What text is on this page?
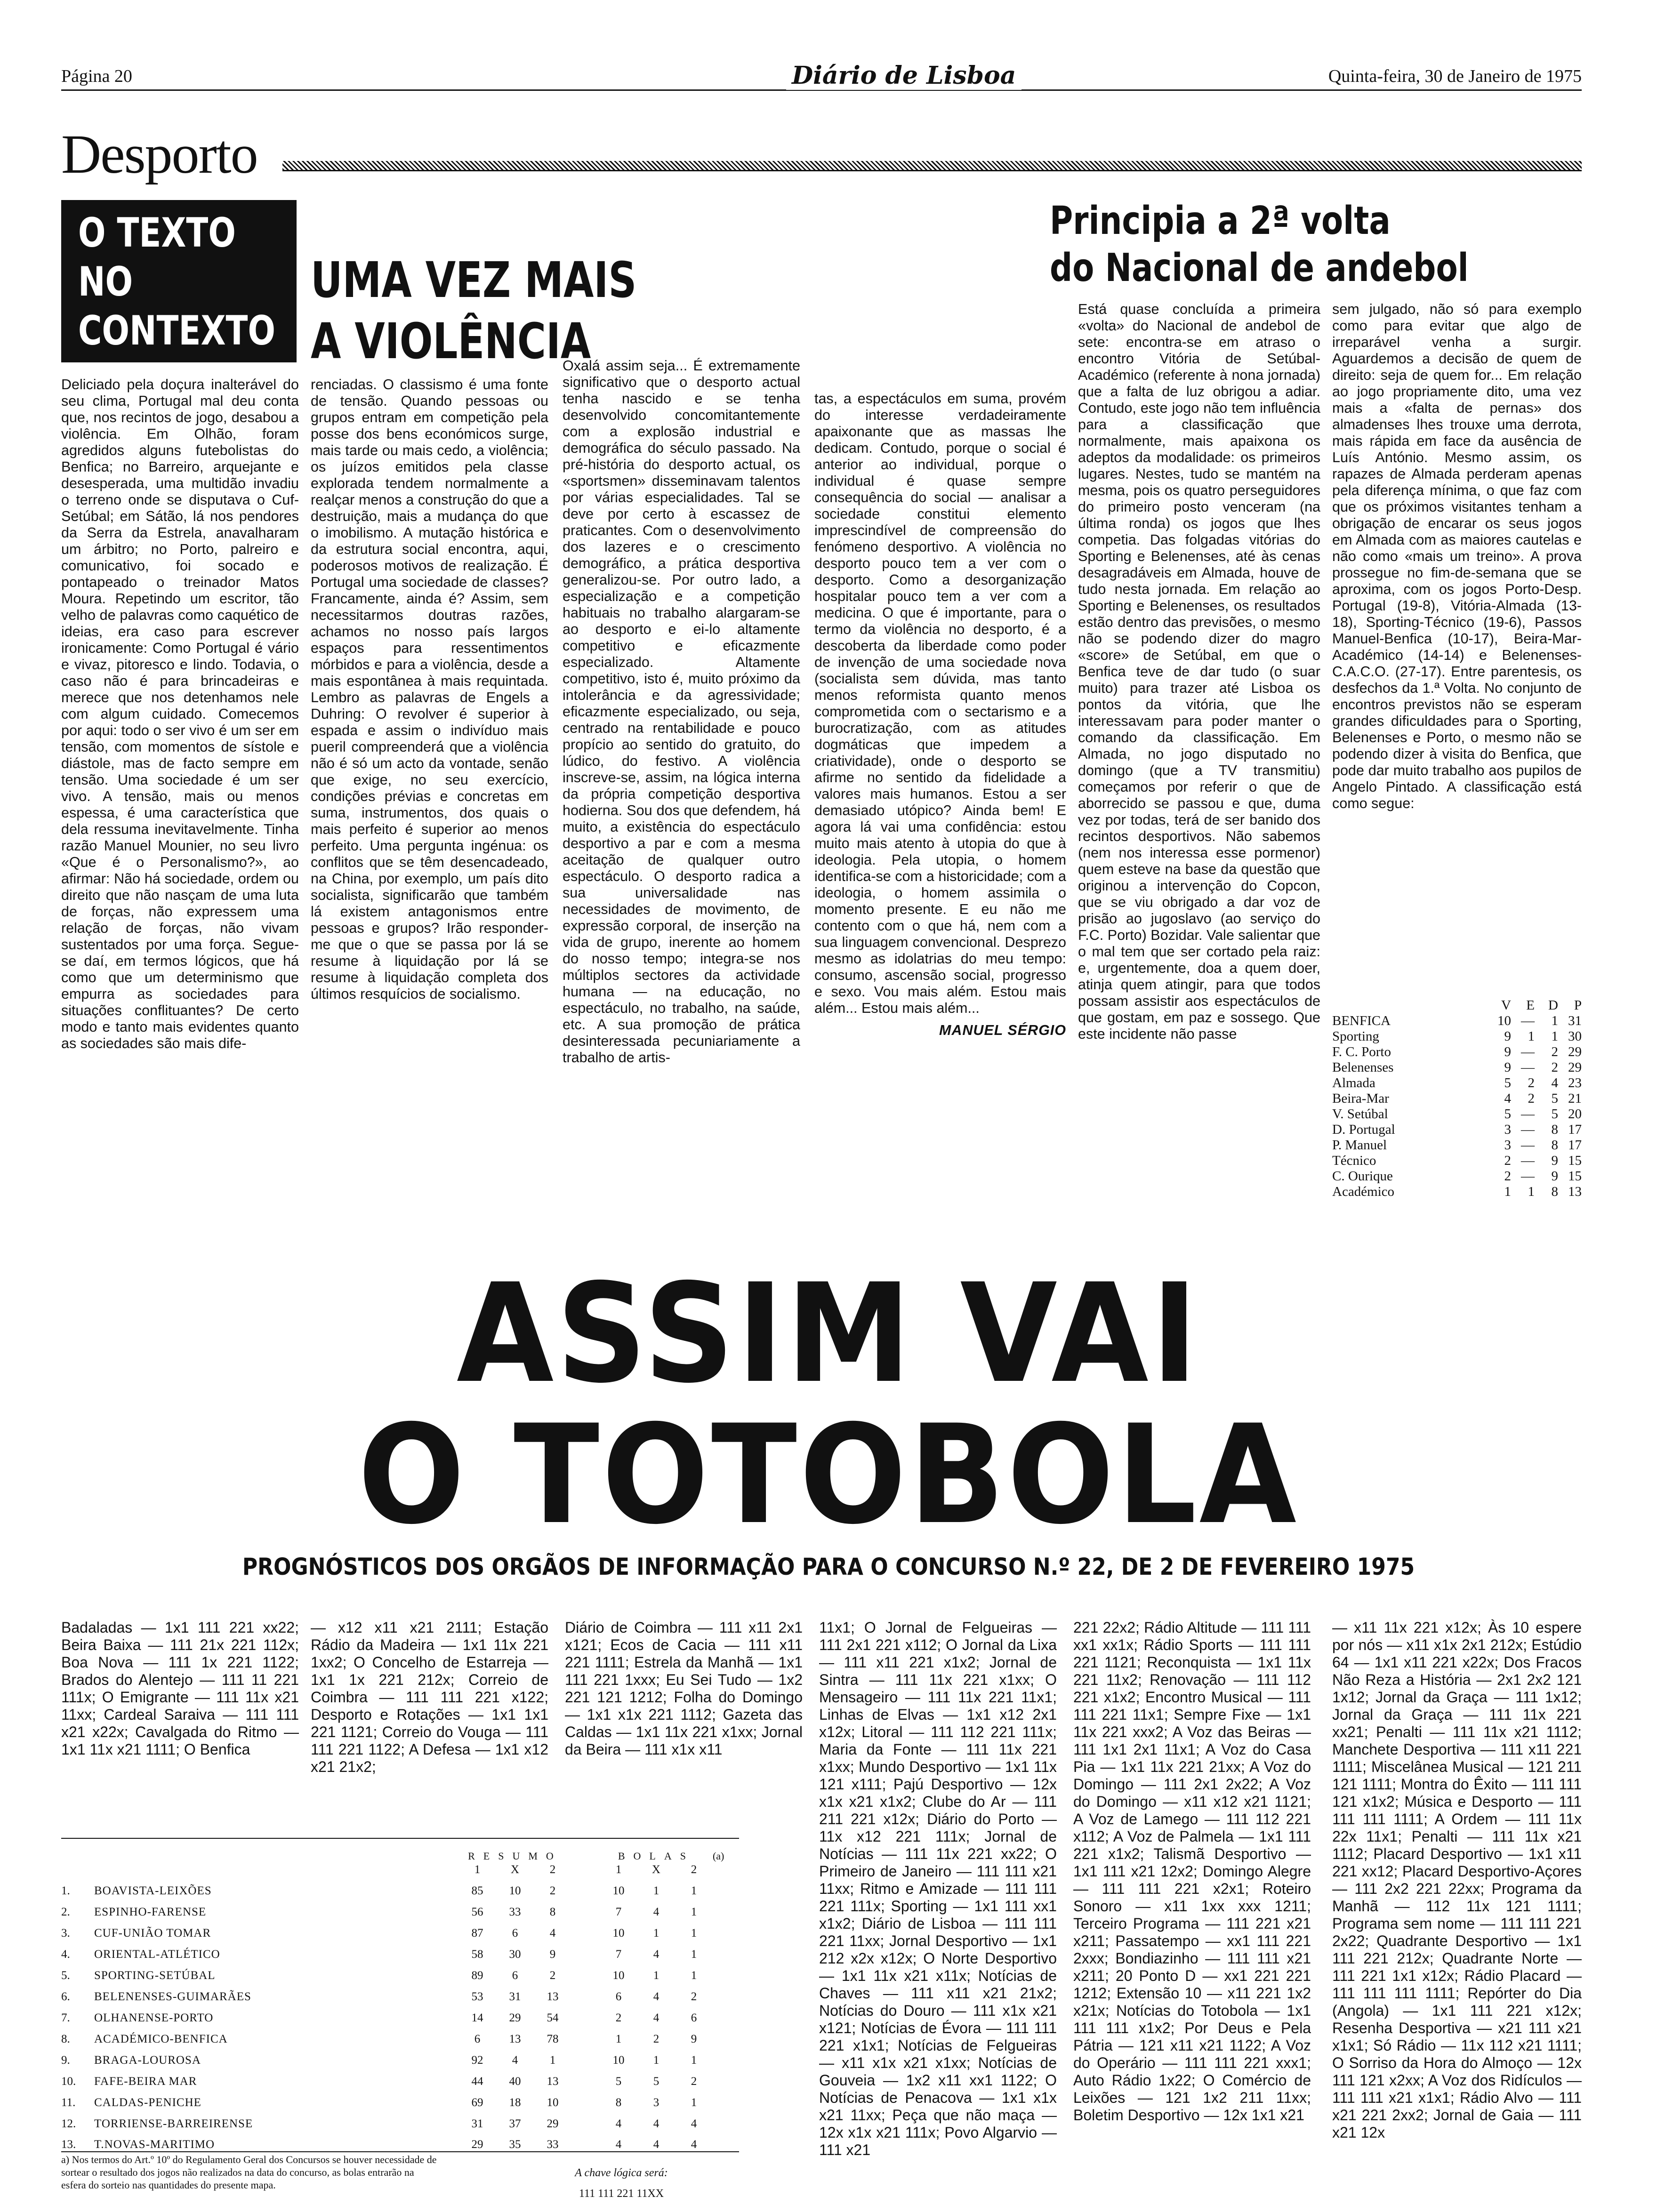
Página 20	Diário de Lisboa	Quinta-feira, 30 de Janeiro de 1975
Desporto
O TEXTO
NO
CONTEXTO
UMA VEZ MAIS
A VIOLÊNCIA

Deliciado pela doçura inalterável do seu clima, Portugal mal deu conta que, nos recintos de jogo, desabou a violência. Em Olhão, foram agredidos alguns futebolistas do Benfica; no Barreiro, arquejante e desesperada, uma multidão invadiu o terreno onde se disputava o Cuf-Setúbal; em Sátão, lá nos pendores da Serra da Estrela, anavalharam um árbitro; no Porto, palreiro e comunicativo, foi socado e pontapeado o treinador Matos Moura. Repetindo um escritor, tão velho de palavras como caquético de ideias, era caso para escrever ironicamente: Como Portugal é vário e vivaz, pitoresco e lindo. Todavia, o caso não é para brincadeiras e merece que nos detenhamos nele com algum cuidado. Comecemos por aqui: todo o ser vivo é um ser em tensão, com momentos de sístole e diástole, mas de facto sempre em tensão. Uma sociedade é um ser vivo. A tensão, mais ou menos espessa, é uma característica que dela ressuma inevitavelmente. Tinha razão Manuel Mounier, no seu livro «Que é o Personalismo?», ao afirmar: Não há sociedade, ordem ou direito que não nasçam de uma luta de forças, não expressem uma relação de forças, não vivam sustentados por uma força. Segue-se daí, em termos lógicos, que há como que um determinismo que empurra as sociedades para situações conflituantes? De certo modo e tanto mais evidentes quanto as sociedades são mais dife-

renciadas. O classismo é uma fonte de tensão. Quando pessoas ou grupos entram em competição pela posse dos bens económicos surge, mais tarde ou mais cedo, a violência; os juízos emitidos pela classe explorada tendem normalmente a realçar menos a construção do que a destruição, mais a mudança do que o imobilismo. A mutação histórica e da estrutura social encontra, aqui, poderosos motivos de realização. É Portugal uma sociedade de classes? Francamente, ainda é? Assim, sem necessitarmos doutras razões, achamos no nosso país largos espaços para ressentimentos mórbidos e para a violência, desde a mais espontânea à mais requintada. Lembro as palavras de Engels a Duhring: O revolver é superior à espada e assim o indivíduo mais pueril compreenderá que a violência não é só um acto da vontade, senão que exige, no seu exercício, condições prévias e concretas em suma, instrumentos, dos quais o mais perfeito é superior ao menos perfeito. Uma pergunta ingénua: os conflitos que se têm desencadeado, na China, por exemplo, um país dito socialista, significarão que também lá existem antagonismos entre pessoas e grupos? Irão responder-me que o que se passa por lá se resume à liquidação por lá se resume à liquidação completa dos últimos resquícios de socialismo.

Oxalá assim seja... É extremamente significativo que o desporto actual tenha nascido e se tenha desenvolvido concomitantemente com a explosão industrial e demográfica do século passado. Na pré-história do desporto actual, os «sportsmen» disseminavam talentos por várias especialidades. Tal se deve por certo à escassez de praticantes. Com o desenvolvimento dos lazeres e o crescimento demográfico, a prática desportiva generalizou-se. Por outro lado, a especialização e a competição habituais no trabalho alargaram-se ao desporto e ei-lo altamente competitivo e eficazmente especializado. Altamente competitivo, isto é, muito próximo da intolerância e da agressividade; eficazmente especializado, ou seja, centrado na rentabilidade e pouco propício ao sentido do gratuito, do lúdico, do festivo. A violência inscreve-se, assim, na lógica interna da própria competição desportiva hodierna. Sou dos que defendem, há muito, a existência do espectáculo desportivo a par e com a mesma aceitação de qualquer outro espectáculo. O desporto radica a sua universalidade nas necessidades de movimento, de expressão corporal, de inserção na vida de grupo, inerente ao homem do nosso tempo; integra-se nos múltiplos sectores da actividade humana — na educação, no espectáculo, no trabalho, na saúde, etc. A sua promoção de prática desinteressada pecuniariamente a trabalho de artis-

tas, a espectáculos em suma, provém do interesse verdadeiramente apaixonante que as massas lhe dedicam. Contudo, porque o social é anterior ao individual, porque o individual é quase sempre consequência do social — analisar a sociedade constitui elemento imprescindível de compreensão do fenómeno desportivo. A violência no desporto pouco tem a ver com o desporto. Como a desorganização hospitalar pouco tem a ver com a medicina. O que é importante, para o termo da violência no desporto, é a descoberta da liberdade como poder de invenção de uma sociedade nova (socialista sem dúvida, mas tanto menos reformista quanto menos comprometida com o sectarismo e a burocratização, com as atitudes dogmáticas que impedem a criatividade), onde o desporto se afirme no sentido da fidelidade a valores mais humanos. Estou a ser demasiado utópico? Ainda bem! E agora lá vai uma confidência: estou muito mais atento à utopia do que à ideologia. Pela utopia, o homem identifica-se com a historicidade; com a ideologia, o homem assimila o momento presente. E eu não me contento com o que há, nem com a sua linguagem convencional. Desprezo mesmo as idolatrias do meu tempo: consumo, ascensão social, progresso e sexo. Vou mais além. Estou mais além... Estou mais além...

MANUEL SÉRGIO

Principia a 2ª volta
do Nacional de andebol

Está quase concluída a primeira «volta» do Nacional de andebol de sete: encontra-se em atraso o encontro Vitória de Setúbal-Académico (referente à nona jornada) que a falta de luz obrigou a adiar. Contudo, este jogo não tem influência para a classificação que normalmente, mais apaixona os adeptos da modalidade: os primeiros lugares. Nestes, tudo se mantém na mesma, pois os quatro perseguidores do primeiro posto venceram (na última ronda) os jogos que lhes competia. Das folgadas vitórias do Sporting e Belenenses, até às cenas desagradáveis em Almada, houve de tudo nesta jornada. Em relação ao Sporting e Belenenses, os resultados estão dentro das previsões, o mesmo não se podendo dizer do magro «score» de Setúbal, em que o Benfica teve de dar tudo (o suar muito) para trazer até Lisboa os pontos da vitória, que lhe interessavam para poder manter o comando da classificação. Em Almada, no jogo disputado no domingo (que a TV transmitiu) começamos por referir o que de aborrecido se passou e que, duma vez por todas, terá de ser banido dos recintos desportivos. Não sabemos (nem nos interessa esse pormenor) quem esteve na base da questão que originou a intervenção do Copcon, que se viu obrigado a dar voz de prisão ao jugoslavo (ao serviço do F.C. Porto) Bozidar. Vale salientar que o mal tem que ser cortado pela raiz: e, urgentemente, doa a quem doer, atinja quem atingir, para que todos possam assistir aos espectáculos de que gostam, em paz e sossego. Que este incidente não passe

sem julgado, não só para exemplo como para evitar que algo de irreparável venha a surgir. Aguardemos a decisão de quem de direito: seja de quem for... Em relação ao jogo propriamente dito, uma vez mais a «falta de pernas» dos almadenses lhes trouxe uma derrota, mais rápida em face da ausência de Luís António. Mesmo assim, os rapazes de Almada perderam apenas pela diferença mínima, o que faz com que os próximos visitantes tenham a obrigação de encarar os seus jogos em Almada com as maiores cautelas e não como «mais um treino». A prova prossegue no fim-de-semana que se aproxima, com os jogos Porto-Desp. Portugal (19-8), Vitória-Almada (13-18), Sporting-Técnico (19-6), Passos Manuel-Benfica (10-17), Beira-Mar-Académico (14-14) e Belenenses-C.A.C.O. (27-17). Entre parentesis, os desfechos da 1.ª Volta. No conjunto de encontros previstos não se esperam grandes dificuldades para o Sporting, Belenenses e Porto, o mesmo não se podendo dizer à visita do Benfica, que pode dar muito trabalho aos pupilos de Angelo Pintado. A classificação está como segue:

V	E	D	P
BENFICA	10 —	1 31
Sporting	9	1	1 30
F. C. Porto	9 —	2 29
Belenenses	9 —	2 29
Almada	5	2	4 23
Beira-Mar	4	2	5 21
V. Setúbal	5 —	5 20
D. Portugal	3 —	8 17
P. Manuel	3 —	8 17
Técnico	2 —	9 15
C. Ourique	2 —	9 15
Académico	1	1	8 13
ASSIM VAI
O TOTOBOLA
PROGNÓSTICOS DOS ORGÃOS DE INFORMAÇÃO PARA O CONCURSO N.º 22, DE 2 DE FEVEREIRO 1975
Badaladas — 1x1 111 221 xx22; Beira Baixa — 111 21x 221 112x; Boa Nova — 111 1x 221 1122; Brados do Alentejo — 111 11 221 111x; O Emigrante — 111 11x x21 11xx; Cardeal Saraiva — 111 111 x21 x22x; Cavalgada do Ritmo — 1x1 11x x21 1111; O Benfica
— x12 x11 x21 2111; Estação Rádio da Madeira — 1x1 11x 221 1xx2; O Concelho de Estarreja — 1x1 1x 221 212x; Correio de Coimbra — 111 111 221 x122; Desporto e Rotações — 1x1 1x1 221 1121; Correio do Vouga — 111 111 221 1122; A Defesa — 1x1 x12 x21 21x2;
Diário de Coimbra — 111 x11 2x1 x121; Ecos de Cacia — 111 x11 221 1111; Estrela da Manhã — 1x1 111 221 1xxx; Eu Sei Tudo — 1x2 221 121 1212; Folha do Domingo — 1x1 x1x 221 1112; Gazeta das Caldas — 1x1 11x 221 x1xx; Jornal da Beira — 111 x1x x11
11x1; O Jornal de Felgueiras — 111 2x1 221 x112; O Jornal da Lixa — 111 x11 221 x1x2; Jornal de Sintra — 111 11x 221 x1xx; O Mensageiro — 111 11x 221 11x1; Linhas de Elvas — 1x1 x12 2x1 x12x; Litoral — 111 112 221 111x; Maria da Fonte — 111 11x 221 x1xx; Mundo Desportivo — 1x1 11x 121 x111; Pajú Desportivo — 12x x1x x21 x1x2; Clube do Ar — 111 211 221 x12x; Diário do Porto — 11x x12 221 111x; Jornal de Notícias — 111 11x 221 xx22; O Primeiro de Janeiro — 111 111 x21 11xx; Ritmo e Amizade — 111 111 221 111x; Sporting — 1x1 111 xx1 x1x2; Diário de Lisboa — 111 111 221 11xx; Jornal Desportivo — 1x1 212 x2x x12x; O Norte Desportivo — 1x1 11x x21 x11x; Notícias de Chaves — 111 x11 x21 21x2; Notícias do Douro — 111 x1x x21 x121; Notícias de Évora — 111 111 221 x1x1; Notícias de Felgueiras — x11 x1x x21 x1xx; Notícias de Gouveia — 1x2 x11 xx1 1122; O Notícias de Penacova — 1x1 x1x x21 11xx; Peça que não maça — 12x x1x x21 111x; Povo Algarvio — 111 x21
221 22x2; Rádio Altitude — 111 111 xx1 xx1x; Rádio Sports — 111 111 221 1121; Reconquista — 1x1 11x 221 11x2; Renovação — 111 112 221 x1x2; Encontro Musical — 111 111 221 11x1; Sempre Fixe — 1x1 11x 221 xxx2; A Voz das Beiras — 111 1x1 2x1 11x1; A Voz do Casa Pia — 1x1 11x 221 21xx; A Voz do Domingo — 111 2x1 2x22; A Voz do Domingo — x11 x12 x21 1121; A Voz de Lamego — 111 112 221 x112; A Voz de Palmela — 1x1 111 221 x1x2; Talismã Desportivo — 1x1 111 x21 12x2; Domingo Alegre — 111 111 221 x2x1; Roteiro Sonoro — x11 1xx xxx 1211; Terceiro Programa — 111 221 x21 x211; Passatempo — xx1 111 221 2xxx; Bondiazinho — 111 111 x21 x211; 20 Ponto D — xx1 221 221 1212; Extensão 10 — x11 221 1x2 x21x; Notícias do Totobola — 1x1 111 111 x1x2; Por Deus e Pela Pátria — 121 x11 x21 1122; A Voz do Operário — 111 111 221 xxx1; Auto Rádio 1x22; O Comércio de Leixões — 121 1x2 211 11xx; Boletim Desportivo — 12x 1x1 x21
— x11 11x 221 x12x; Às 10 espere por nós — x11 x1x 2x1 212x; Estúdio 64 — 1x1 x11 221 x22x; Dos Fracos Não Reza a História — 2x1 2x2 121 1x12; Jornal da Graça — 111 1x12; Jornal da Graça — 111 11x 221 xx21; Penalti — 111 11x x21 1112; Manchete Desportiva — 111 x11 221 1111; Miscelânea Musical — 121 211 121 1111; Montra do Êxito — 111 111 121 x1x2; Música e Desporto — 111 111 111 1111; A Ordem — 111 11x 22x 11x1; Penalti — 111 11x x21 1112; Placard Desportivo — 1x1 x11 221 xx12; Placard Desportivo-Açores — 111 2x2 221 22xx; Programa da Manhã — 112 11x 121 1111; Programa sem nome — 111 111 221 2x22; Quadrante Desportivo — 1x1 111 221 212x; Quadrante Norte — 111 221 1x1 x12x; Rádio Placard — 111 111 111 1111; Repórter do Dia (Angola) — 1x1 111 221 x12x; Resenha Desportiva — x21 111 x21 x1x1; Só Rádio — 11x 112 x21 1111; O Sorriso da Hora do Almoço — 12x 111 121 x2xx; A Voz dos Ridículos — 111 111 x21 x1x1; Rádio Alvo — 111 x21 221 2xx2; Jornal de Gaia — 111 x21 12x
		RESUMO				BOLAS			(a)
		1	X	2		1	X	2	
1.	BOAVISTA-LEIXÕES	85	10	2		10	1	1	
2.	ESPINHO-FARENSE	56	33	8		7	4	1	
3.	CUF-UNIÃO TOMAR	87	6	4		10	1	1	
4.	ORIENTAL-ATLÉTICO	58	30	9		7	4	1	
5.	SPORTING-SETÚBAL	89	6	2		10	1	1	
6.	BELENENSES-GUIMARÃES	53	31	13		6	4	2	
7.	OLHANENSE-PORTO	14	29	54		2	4	6	
8.	ACADÉMICO-BENFICA	6	13	78		1	2	9	
9.	BRAGA-LOUROSA	92	4	1		10	1	1	
10.	FAFE-BEIRA MAR	44	40	13		5	5	2	
11.	CALDAS-PENICHE	69	18	10		8	3	1	
12.	TORRIENSE-BARREIRENSE	31	37	29		4	4	4	
13.	T.NOVAS-MARITIMO	29	35	33		4	4	4	
a) Nos termos do Art.º 10º do Regulamento Geral dos Concursos se houver necessidade de sortear o resultado dos jogos não realizados na data do concurso, as bolas entrarão na esfera do sorteio nas quantidades do presente mapa.
A chave lógica será:
111 111 221 11XX
